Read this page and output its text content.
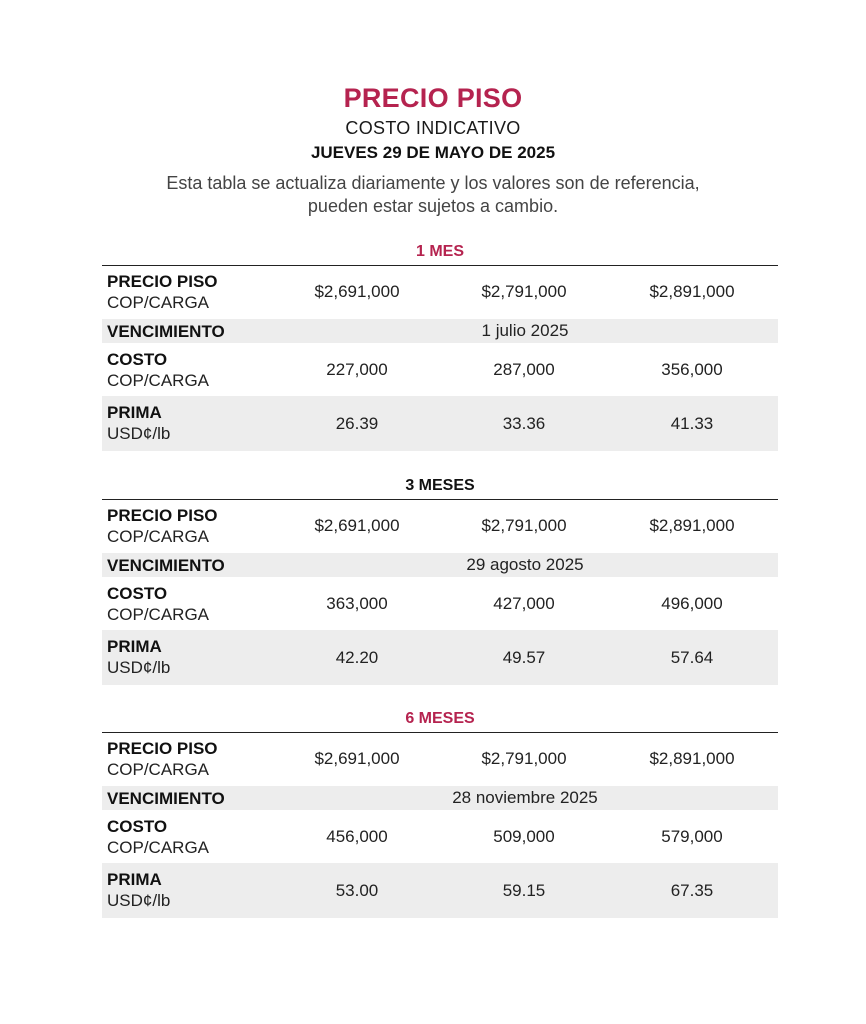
PRECIO PISO
COSTO INDICATIVO
JUEVES 29 DE MAYO DE 2025
Esta tabla se actualiza diariamente y los valores son de referencia,
pueden estar sujetos a cambio.
1 MES
PRECIO PISO
COP/CARGA
$2,691,000	$2,791,000	$2,891,000
VENCIMIENTO	1 julio 2025
COSTO
COP/CARGA
227,000	287,000	356,000
PRIMA
USD¢/lb
26.39	33.36	41.33
3 MESES
PRECIO PISO
COP/CARGA
$2,691,000	$2,791,000	$2,891,000
VENCIMIENTO	29 agosto 2025
COSTO
COP/CARGA
363,000	427,000	496,000
PRIMA
USD¢/lb
42.20	49.57	57.64
6 MESES
PRECIO PISO
COP/CARGA
$2,691,000	$2,791,000	$2,891,000
VENCIMIENTO	28 noviembre 2025
COSTO
COP/CARGA
456,000	509,000	579,000
PRIMA
USD¢/lb
53.00	59.15	67.35
